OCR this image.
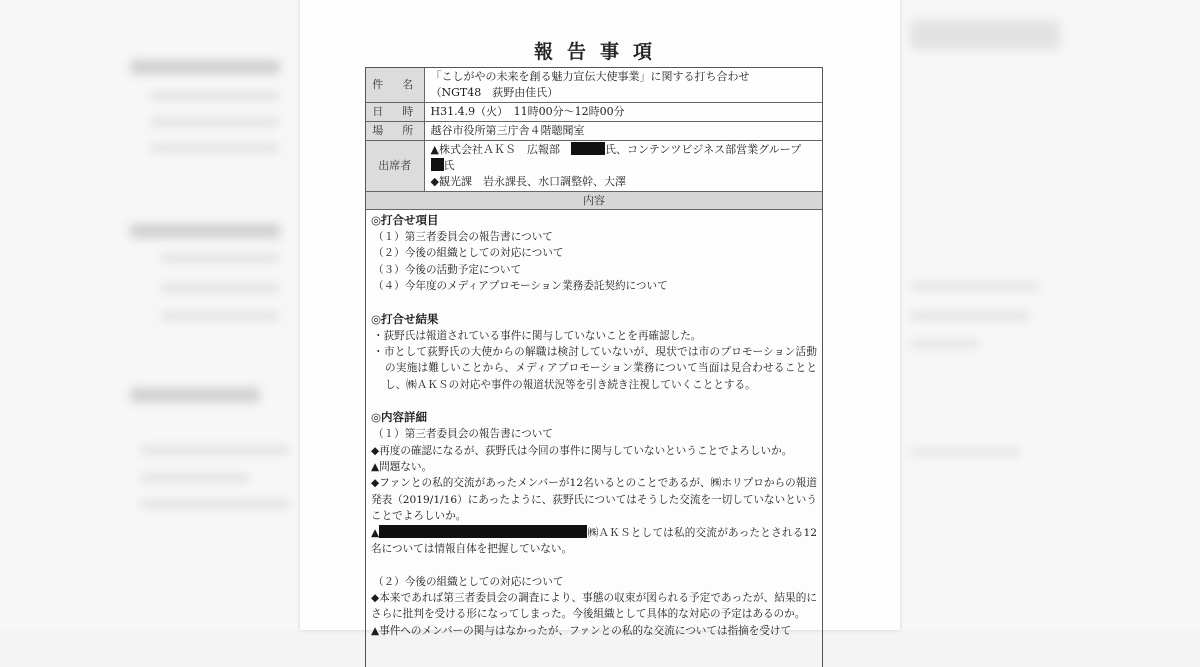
報告事項
件　名	「こしがやの未来を創る魅力宣伝大使事業」に関する打ち合わせ
（NGT48　荻野由佳氏）

日　時	H31.4.9（火）　11時00分～12時00分
場　所	越谷市役所第三庁舎４階聴聞室
出席者	▲株式会社ＡＫＳ　広報部　 氏、コンテンツビジネス部営業グループ　氏
◆観光課　岩永課長、水口調整幹、大澤
内容
◎打合せ項目
（１）第三者委員会の報告書について
（２）今後の組織としての対応について
（３）今後の活動予定について
（４）今年度のメディアプロモーション業務委託契約について
◎打合せ結果
・荻野氏は報道されている事件に関与していないことを再確認した。
・市として荻野氏の大使からの解職は検討していないが、現状では市のプロモーション活動の実施は難しいことから、メディアプロモーション業務について当面は見合わせることとし、㈱ＡＫＳの対応や事件の報道状況等を引き続き注視していくこととする。
◎内容詳細
（１）第三者委員会の報告書について
◆再度の確認になるが、荻野氏は今回の事件に関与していないということでよろしいか。
▲問題ない。
◆ファンとの私的交流があったメンバーが12名いるとのことであるが、㈱ホリプロからの報道発表（2019/1/16）にあったように、荻野氏についてはそうした交流を一切していないということでよろしいか。
▲	㈱ＡＫＳとしては私的交流があったとされる12名については情報自体を把握していない。
（２）今後の組織としての対応について
◆本来であれば第三者委員会の調査により、事態の収束が図られる予定であったが、結果的にさらに批判を受ける形になってしまった。今後組織として具体的な対応の予定はあるのか。
▲事件へのメンバーの関与はなかったが、ファンとの私的な交流については指摘を受けて
